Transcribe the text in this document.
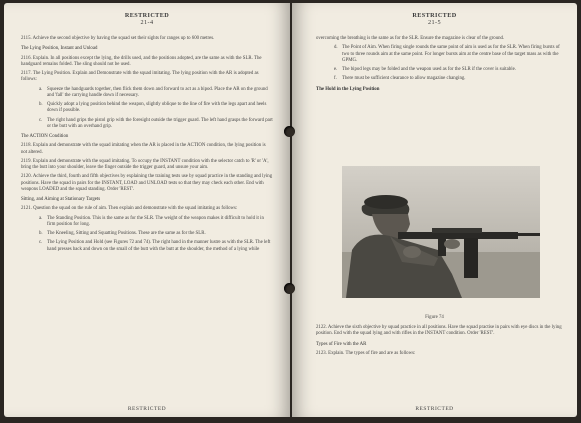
RESTRICTED
21-4

2115. Achieve the second objective by having the squad set their sights for ranges up to 600 metres.

The Lying Position, Instant and Unload

2116. Explain. In all positions except the lying, the drills used, and the positions adopted, are the same as with the SLR. The handguard remains folded. The sling should not be used.

2117. The Lying Position. Explain and Demonstrate with the squad imitating. The lying position with the AR is adopted as follows:

a. Squeeze the handguards together, then flick them down and forward to act as a bipod. Place the AR on the ground and 'fall' the carrying handle down if necessary.
b. Quickly adopt a lying position behind the weapon, slightly oblique to the line of fire with the legs apart and heels down if possible.
c. The right hand grips the pistol grip with the foresight outside the trigger guard. The left hand grasps the forward part or the butt with an overhand grip.
The ACTION Condition

2118. Explain and demonstrate with the squad imitating when the AR is placed in the ACTION condition, the lying position is not altered.

2119. Explain and demonstrate with the squad imitating. To occupy the INSTANT condition with the selector catch to 'R' or 'A', bring the butt into your shoulder, leave the finger outside the trigger guard, and unsure your aim.

2120. Achieve the third, fourth and fifth objectives by explaining the training tests use by squad practice in the standing and lying positions. Have the squad in pairs for the INSTANT, LOAD and UNLOAD tests so that they may check each other. End with weapons LOADED and the squad standing. Order 'REST'.

Sitting, and Aiming at Stationary Targets

2121. Question the squad on the rule of aim. Then explain and demonstrate with the squad imitating as follows:

a. The Standing Position. This is the same as for the SLR. The weight of the weapon makes it difficult to hold it in firm position for long.
b. The Kneeling, Sitting and Squatting Positions. These are the same as for the SLR.
c. The Lying Position and Hold (see Figures 72 and 74). The right hand in the manner lustre as with the SLR. The left hand presses back and down on the small of the butt with the butt at the shoulder, the method of a lying while
RESTRICTED
RESTRICTED
21-5

overcoming the breathing is the same as for the SLR. Ensure the magazine is clear of the ground.

d. The Point of Aim. When firing single rounds the same point of aim is used as for the SLR. When firing bursts of two to three rounds aim at the same point. For longer bursts aim at the centre base of the target mass as with the GPMG.
e. The bipod legs may be folded and the weapon used as for the SLR if the cover is suitable.
f. There must be sufficient clearance to allow magazine changing.
The Hold in the Lying Position
Figure 74

2122. Achieve the sixth objective by squad practice in all positions. Have the squad practise in pairs with eye discs in the lying position. End with the squad lying and with rifles in the INSTANT condition. Order 'REST'.

Types of Fire with the AR

2123. Explain. The types of fire and are as follows:

RESTRICTED
